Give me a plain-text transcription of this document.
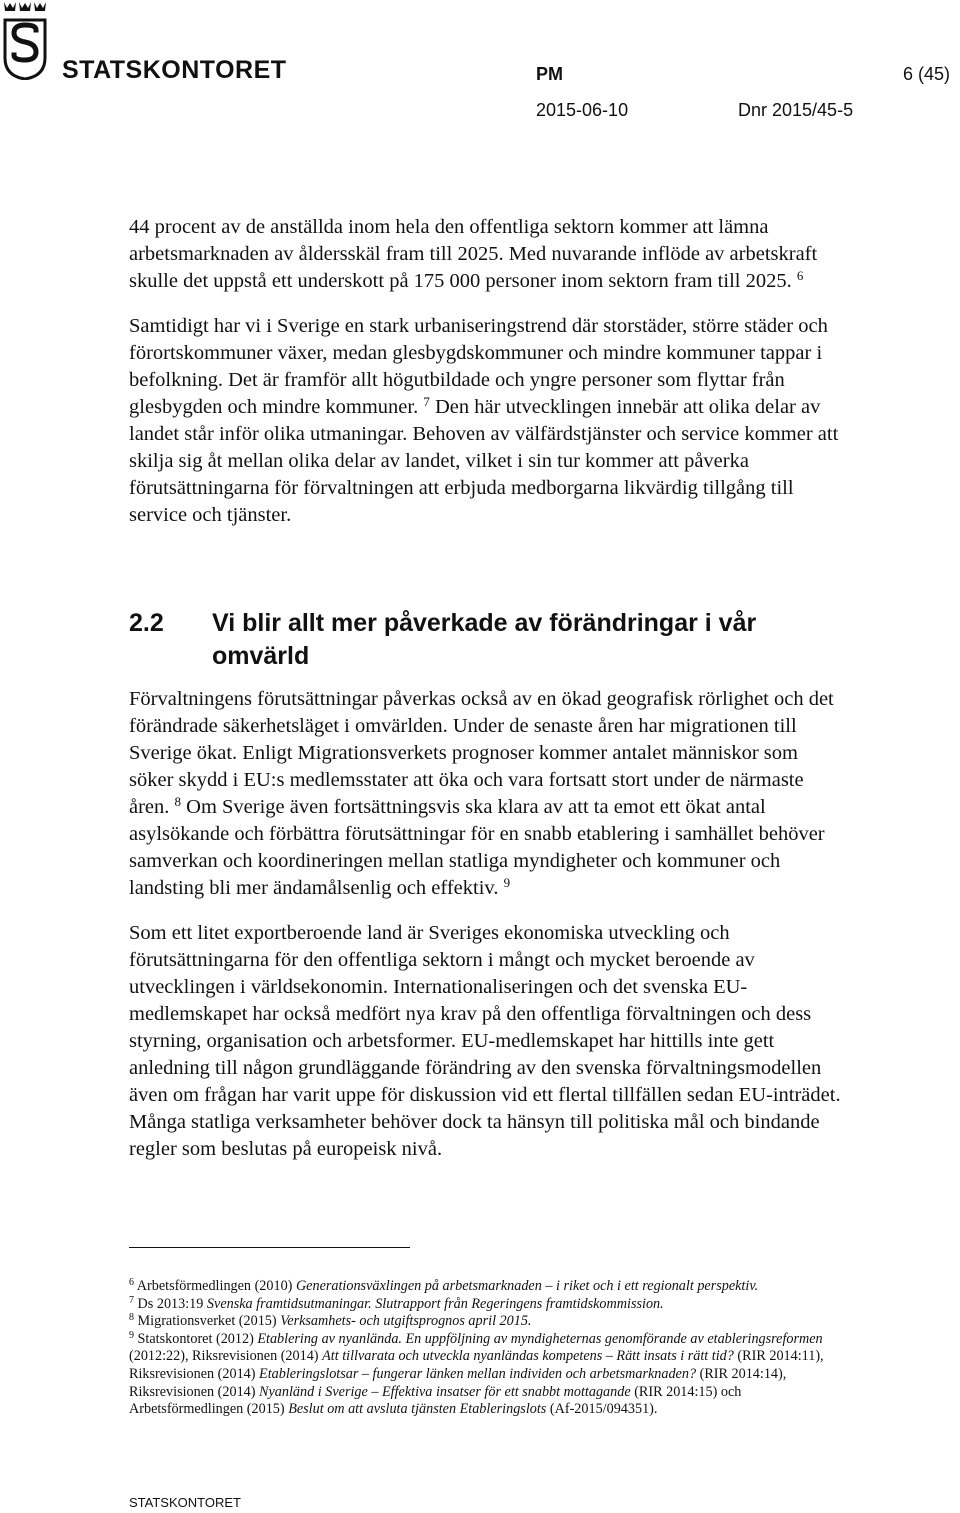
STATSKONTORET	PM	6 (45)
2015-06-10	Dnr 2015/45-5

44 procent av de anställda inom hela den offentliga sektorn kommer att lämna arbetsmarknaden av åldersskäl fram till 2025. Med nuvarande inflöde av arbetskraft skulle det uppstå ett underskott på 175 000 personer inom sektorn fram till 2025. $^6$

Samtidigt har vi i Sverige en stark urbaniseringstrend där storstäder, större städer och förortskommuner växer, medan glesbygdskommuner och mindre kommuner tappar i befolkning. Det är framför allt högutbildade och yngre personer som flyttar från glesbygden och mindre kommuner. $^7$ Den här utvecklingen innebär att olika delar av landet står inför olika utmaningar. Behoven av välfärdstjänster och service kommer att skilja sig åt mellan olika delar av landet, vilket i sin tur kommer att påverka förutsättningarna för förvaltningen att erbjuda medborgarna likvärdig tillgång till service och tjänster.

2.2 Vi blir allt mer påverkade av förändringar i vår omvärld

Förvaltningens förutsättningar påverkas också av en ökad geografisk rörlighet och det förändrade säkerhetsläget i omvärlden. Under de senaste åren har migrationen till Sverige ökat. Enligt Migrationsverkets prognoser kommer antalet människor som söker skydd i EU:s medlemsstater att öka och vara fortsatt stort under de närmaste åren. $^8$ Om Sverige även fortsättningsvis ska klara av att ta emot ett ökat antal asylsökande och förbättra förutsättningar för en snabb etablering i samhället behöver samverkan och koordineringen mellan statliga myndigheter och kommuner och landsting bli mer ändamålsenlig och effektiv. $^9$

Som ett litet exportberoende land är Sveriges ekonomiska utveckling och förutsättningarna för den offentliga sektorn i mångt och mycket beroende av utvecklingen i världsekonomin. Internationaliseringen och det svenska EU-medlemskapet har också medfört nya krav på den offentliga förvaltningen och dess styrning, organisation och arbetsformer. EU-medlemskapet har hittills inte gett anledning till någon grundläggande förändring av den svenska förvaltningsmodellen även om frågan har varit uppe för diskussion vid ett flertal tillfällen sedan EU-inträdet. Många statliga verksamheter behöver dock ta hänsyn till politiska mål och bindande regler som beslutas på europeisk nivå.

$^6$ Arbetsförmedlingen (2010) Generationsväxlingen på arbetsmarknaden – i riket och i ett regionalt perspektiv.

$^7$ Ds 2013:19 Svenska framtidsutmaningar. Slutrapport från Regeringens framtidskommission.

$^8$ Migrationsverket (2015) Verksamhets- och utgiftsprognos april 2015.

$^9$ Statskontoret (2012) Etablering av nyanlända. En uppföljning av myndigheternas genomförande av etableringsreformen (2012:22), Riksrevisionen (2014) Att tillvarata och utveckla nyanländas kompetens – Rätt insats i rätt tid? (RIR 2014:11), Riksrevisionen (2014) Etableringslotsar – fungerar länken mellan individen och arbetsmarknaden? (RIR 2014:14), Riksrevisionen (2014) Nyanländ i Sverige – Effektiva insatser för ett snabbt mottagande (RIR 2014:15) och Arbetsförmedlingen (2015) Beslut om att avsluta tjänsten Etableringslots (Af-2015/094351).

STATSKONTORET
